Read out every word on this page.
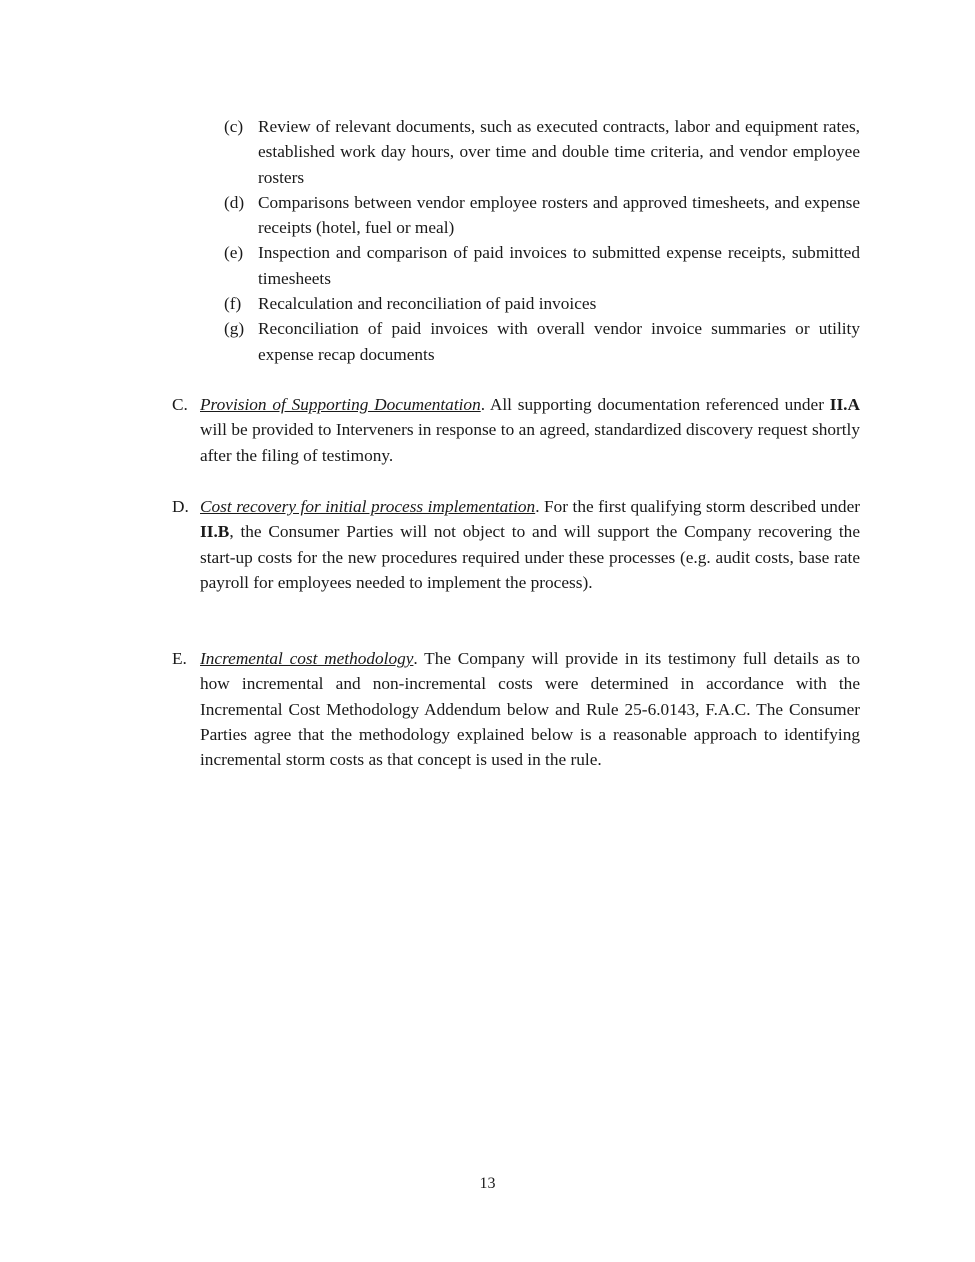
(c) Review of relevant documents, such as executed contracts, labor and equipment rates, established work day hours, over time and double time criteria, and vendor employee rosters
(d) Comparisons between vendor employee rosters and approved timesheets, and expense receipts (hotel, fuel or meal)
(e) Inspection and comparison of paid invoices to submitted expense receipts, submitted timesheets
(f) Recalculation and reconciliation of paid invoices
(g) Reconciliation of paid invoices with overall vendor invoice summaries or utility expense recap documents
C. Provision of Supporting Documentation. All supporting documentation referenced under II.A will be provided to Interveners in response to an agreed, standardized discovery request shortly after the filing of testimony.
D. Cost recovery for initial process implementation. For the first qualifying storm described under II.B, the Consumer Parties will not object to and will support the Company recovering the start-up costs for the new procedures required under these processes (e.g. audit costs, base rate payroll for employees needed to implement the process).
E. Incremental cost methodology. The Company will provide in its testimony full details as to how incremental and non-incremental costs were determined in accordance with the Incremental Cost Methodology Addendum below and Rule 25-6.0143, F.A.C. The Consumer Parties agree that the methodology explained below is a reasonable approach to identifying incremental storm costs as that concept is used in the rule.
13
